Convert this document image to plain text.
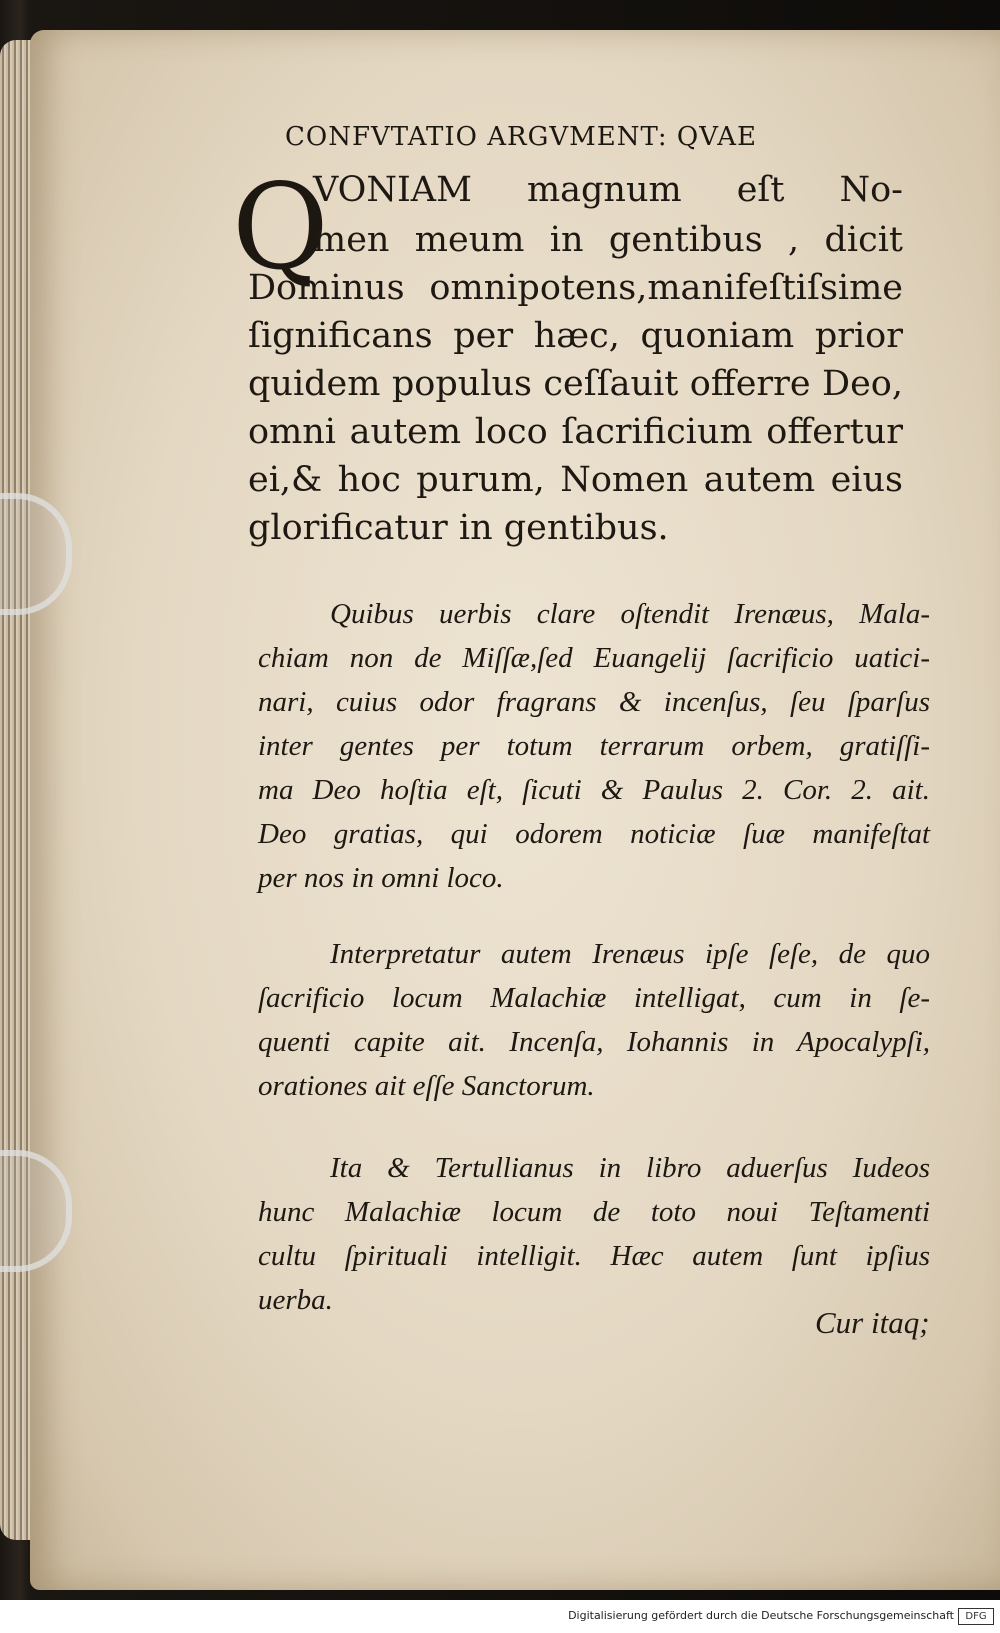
CONFVTATIO ARGVMENT: QVAE
Q
VONIAM magnum eſt No-
men meum in gentibus , dicit
Dominus omnipotens,manifeſtiſsime
ſignificans per hæc, quoniam prior
quidem populus ceſſauit offerre Deo,
omni autem loco ſacrificium offertur
ei,& hoc purum, Nomen autem eius
glorificatur in gentibus.
Quibus uerbis clare oſtendit Irenæus, Mala-
chiam non de Miſſæ,ſed Euangelij ſacrificio uatici-
nari, cuius odor fragrans & incenſus, ſeu ſparſus
inter gentes per totum terrarum orbem, gratiſſi-
ma Deo hoſtia eſt, ſicuti & Paulus 2. Cor. 2. ait.
Deo gratias, qui odorem noticiæ ſuæ manifeſtat
per nos in omni loco.
Interpretatur autem Irenæus ipſe ſeſe, de quo
ſacrificio locum Malachiæ intelligat, cum in ſe-
quenti capite ait. Incenſa, Iohannis in Apocalypſi,
orationes ait eſſe Sanctorum.
Ita & Tertullianus in libro aduerſus Iudeos
hunc Malachiæ locum de toto noui Teſtamenti
cultu ſpirituali intelligit. Hæc autem ſunt ipſius
uerba.
Cur itaq;
Digitalisierung gefördert durch die Deutsche Forschungsgemeinschaft	DFG
